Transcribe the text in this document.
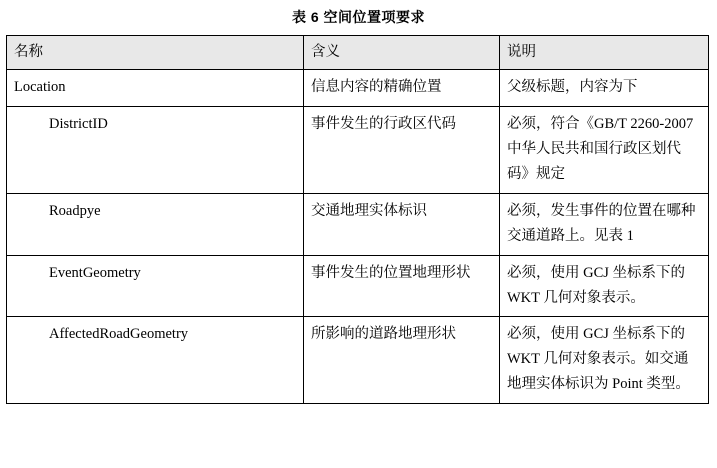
表 6 空间位置项要求
名称	含义	说明
Location	信息内容的精确位置	父级标题，内容为下
DistrictID	事件发生的行政区代码	必须，符合《GB/T 2260-2007 中华人民共和国行政区划代码》规定
Roadpye	交通地理实体标识	必须，发生事件的位置在哪种交通道路上。见表 1
EventGeometry	事件发生的位置地理形状	必须，使用 GCJ 坐标系下的 WKT 几何对象表示。
AffectedRoadGeometry	所影响的道路地理形状	必须，使用 GCJ 坐标系下的 WKT 几何对象表示。如交通地理实体标识为 Point 类型。
